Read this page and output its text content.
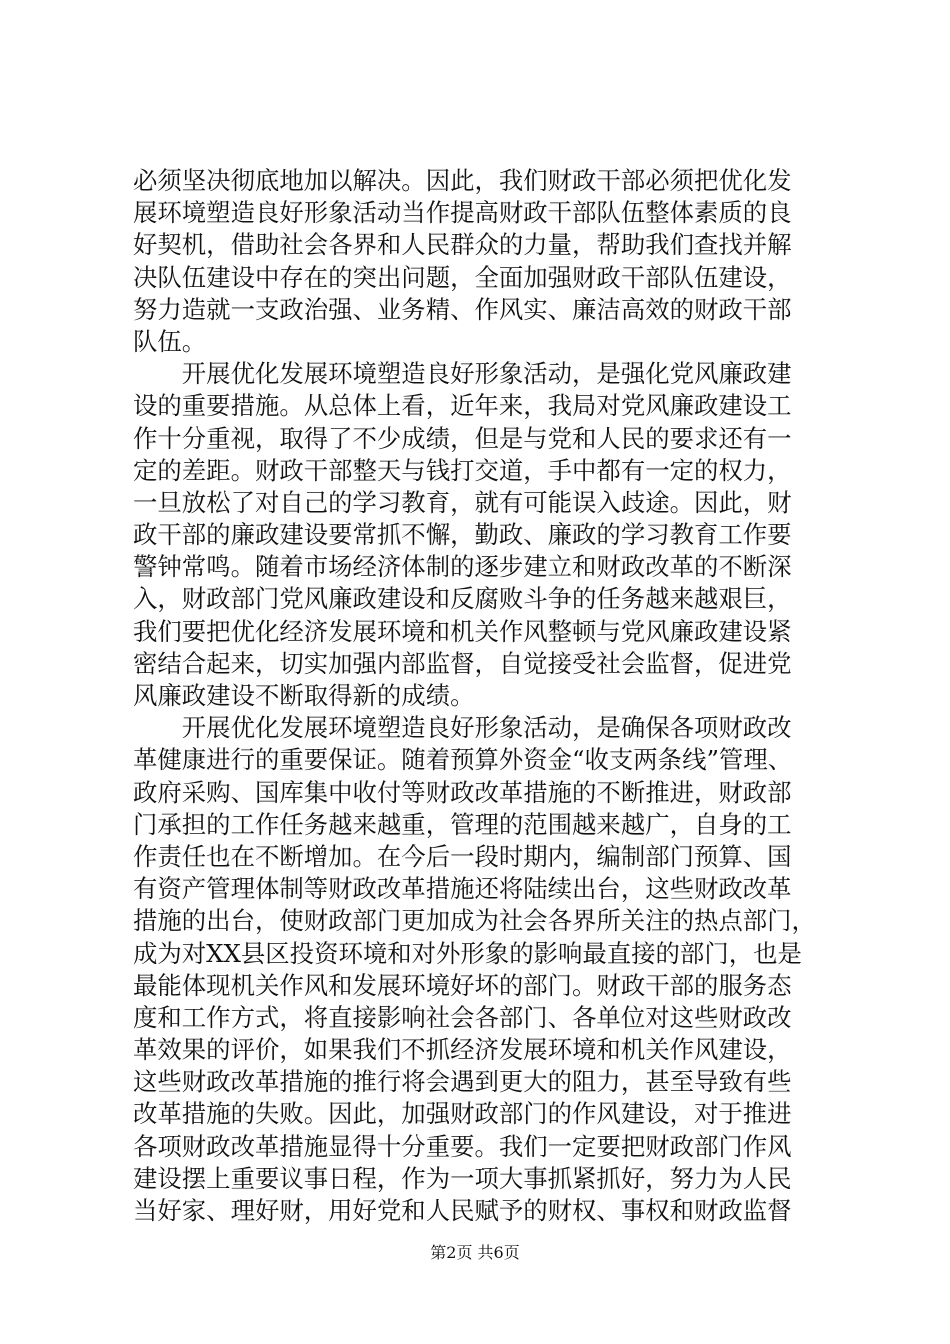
必须坚决彻底地加以解决。因此，我们财政干部必须把优化发
展环境塑造良好形象活动当作提高财政干部队伍整体素质的良
好契机，借助社会各界和人民群众的力量，帮助我们查找并解
决队伍建设中存在的突出问题，全面加强财政干部队伍建设，
努力造就一支政治强、业务精、作风实、廉洁高效的财政干部
队伍。
　　开展优化发展环境塑造良好形象活动，是强化党风廉政建
设的重要措施。从总体上看，近年来，我局对党风廉政建设工
作十分重视，取得了不少成绩，但是与党和人民的要求还有一
定的差距。财政干部整天与钱打交道，手中都有一定的权力，
一旦放松了对自己的学习教育，就有可能误入歧途。因此，财
政干部的廉政建设要常抓不懈，勤政、廉政的学习教育工作要
警钟常鸣。随着市场经济体制的逐步建立和财政改革的不断深
入，财政部门党风廉政建设和反腐败斗争的任务越来越艰巨，
我们要把优化经济发展环境和机关作风整顿与党风廉政建设紧
密结合起来，切实加强内部监督，自觉接受社会监督，促进党
风廉政建设不断取得新的成绩。
　　开展优化发展环境塑造良好形象活动，是确保各项财政改
革健康进行的重要保证。随着预算外资金“收支两条线”管理、
政府采购、国库集中收付等财政改革措施的不断推进，财政部
门承担的工作任务越来越重，管理的范围越来越广，自身的工
作责任也在不断增加。在今后一段时期内，编制部门预算、国
有资产管理体制等财政改革措施还将陆续出台，这些财政改革
措施的出台，使财政部门更加成为社会各界所关注的热点部门，
成为对XX县区投资环境和对外形象的影响最直接的部门，也是
最能体现机关作风和发展环境好坏的部门。财政干部的服务态
度和工作方式，将直接影响社会各部门、各单位对这些财政改
革效果的评价，如果我们不抓经济发展环境和机关作风建设，
这些财政改革措施的推行将会遇到更大的阻力，甚至导致有些
改革措施的失败。因此，加强财政部门的作风建设，对于推进
各项财政改革措施显得十分重要。我们一定要把财政部门作风
建设摆上重要议事日程，作为一项大事抓紧抓好，努力为人民
当好家、理好财，用好党和人民赋予的财权、事权和财政监督
第2页 共6页
